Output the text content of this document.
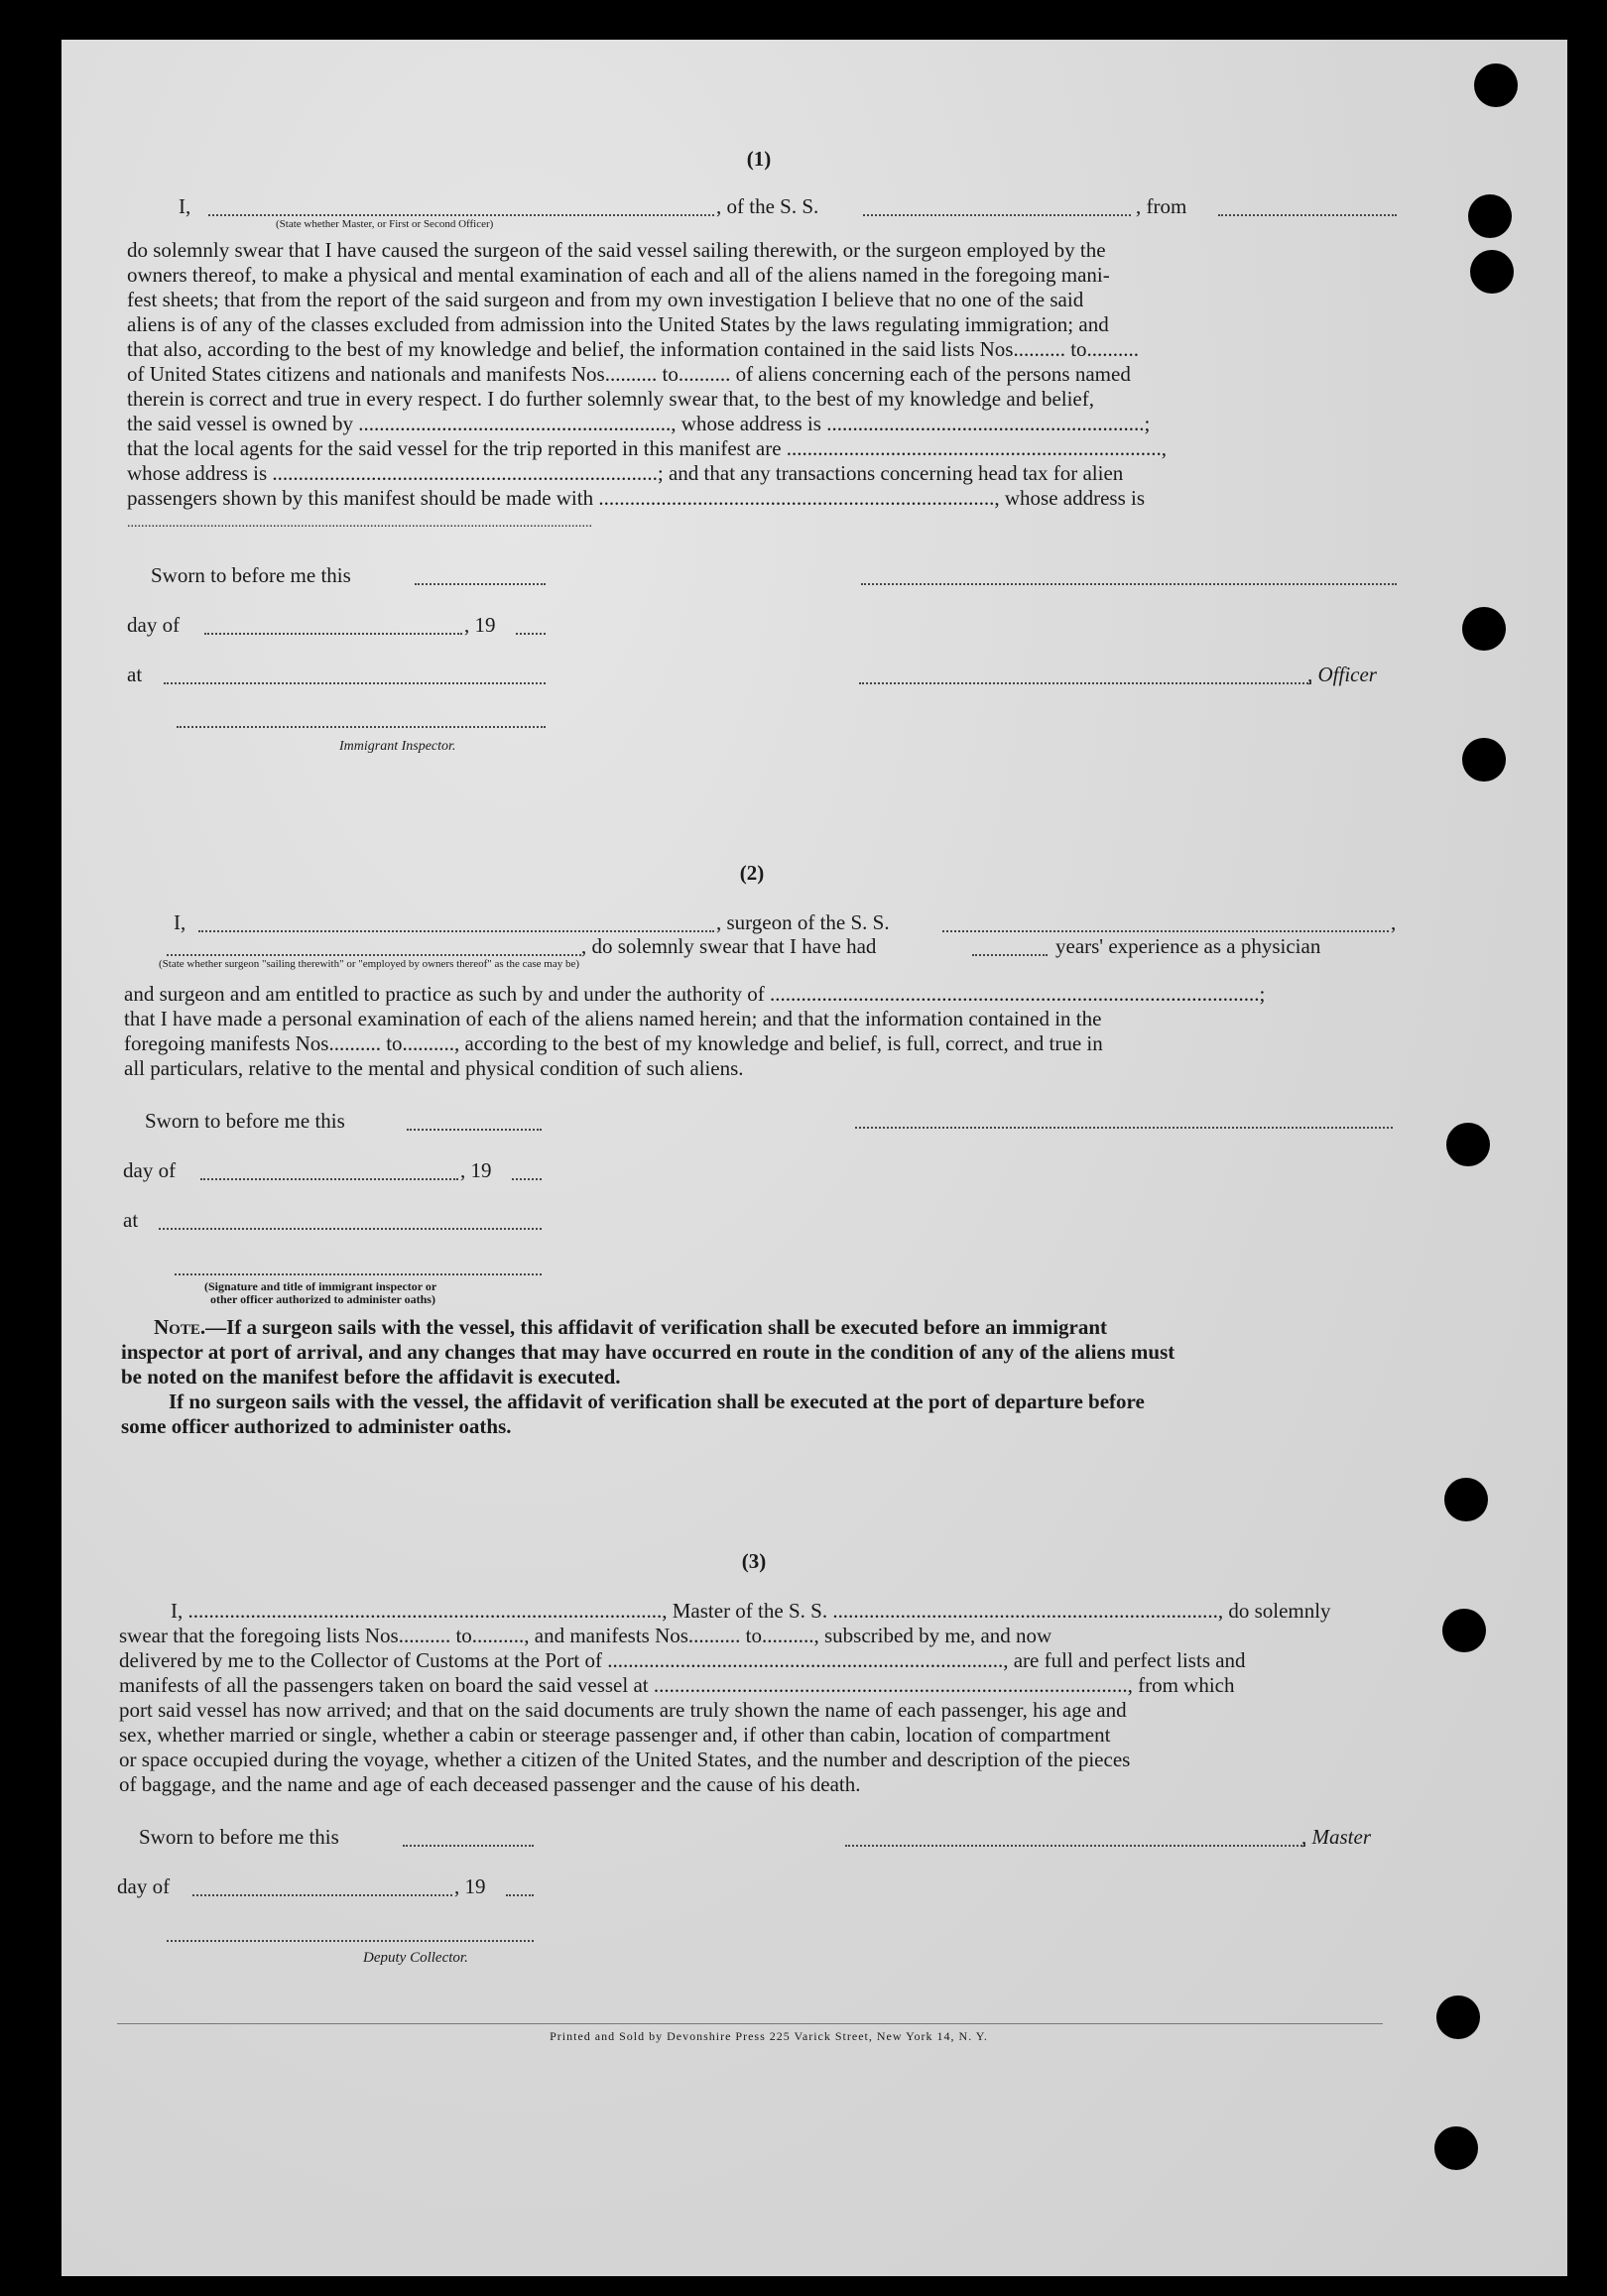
(1)
I,	, of the S. S.	, from
(State whether Master, or First or Second Officer)
do solemnly swear that I have caused the surgeon of the said vessel sailing therewith, or the surgeon employed by the
owners thereof, to make a physical and mental examination of each and all of the aliens named in the foregoing mani-
fest sheets; that from the report of the said surgeon and from my own investigation I believe that no one of the said
aliens is of any of the classes excluded from admission into the United States by the laws regulating immigration; and
that also, according to the best of my knowledge and belief, the information contained in the said lists Nos.......... to..........
of United States citizens and nationals and manifests Nos.......... to.......... of aliens concerning each of the persons named
therein is correct and true in every respect. I do further solemnly swear that, to the best of my knowledge and belief,
the said vessel is owned by ............................................................, whose address is .............................................................;
that the local agents for the said vessel for the trip reported in this manifest are ........................................................................,
whose address is ..........................................................................; and that any transactions concerning head tax for alien
passengers shown by this manifest should be made with ............................................................................, whose address is
......................................................................................................................................
Sworn to before me this
day of	, 19
at	, Officer
Immigrant Inspector.
(2)
I,	, surgeon of the S. S.	,
, do solemnly swear that I have had	years' experience as a physician
(State whether surgeon "sailing therewith" or "employed by owners thereof" as the case may be)
and surgeon and am entitled to practice as such by and under the authority of ..............................................................................................;
that I have made a personal examination of each of the aliens named herein; and that the information contained in the
foregoing manifests Nos.......... to.........., according to the best of my knowledge and belief, is full, correct, and true in
all particulars, relative to the mental and physical condition of such aliens.
Sworn to before me this
day of	, 19
at
(Signature and title of immigrant inspector or
other officer authorized to administer oaths)
Note.—If a surgeon sails with the vessel, this affidavit of verification shall be executed before an immigrant
inspector at port of arrival, and any changes that may have occurred en route in the condition of any of the aliens must
be noted on the manifest before the affidavit is executed.
If no surgeon sails with the vessel, the affidavit of verification shall be executed at the port of departure before
some officer authorized to administer oaths.
(3)
I, ..........................................................................................., Master of the S. S. .........................................................................., do solemnly
swear that the foregoing lists Nos.......... to.........., and manifests Nos.......... to.........., subscribed by me, and now
delivered by me to the Collector of Customs at the Port of ............................................................................, are full and perfect lists and
manifests of all the passengers taken on board the said vessel at ..........................................................................................., from which
port said vessel has now arrived; and that on the said documents are truly shown the name of each passenger, his age and
sex, whether married or single, whether a cabin or steerage passenger and, if other than cabin, location of compartment
or space occupied during the voyage, whether a citizen of the United States, and the number and description of the pieces
of baggage, and the name and age of each deceased passenger and the cause of his death.
Sworn to before me this	, Master
day of	, 19
Deputy Collector.
Printed and Sold by Devonshire Press 225 Varick Street, New York 14, N. Y.
